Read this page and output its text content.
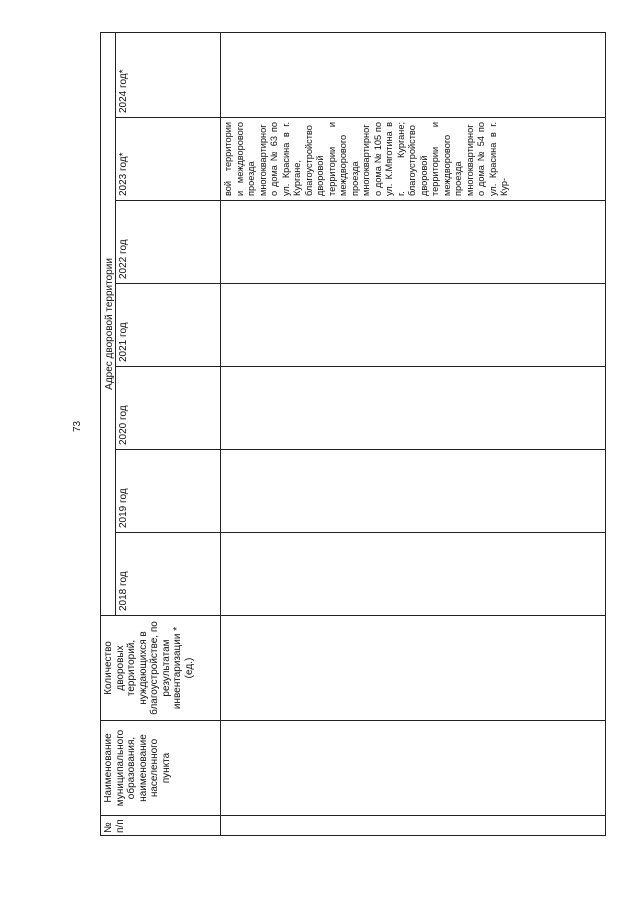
73
№ п/п	Наименование муниципального образования, наименование населенного пункта	Количество дворовых территорий, нуждающихся в благоустройстве, по результатам инвентаризации * (ед.)	Адрес дворовой территории						
			2018 год	2019 год	2020 год	2021 год	2022 год	2023 год*	2024 год*
								вой территории и междворового проезда многоквартирного дома № 63 по ул. Красина в г. Кургане, благоустройство дворовой территории и междворового проезда многоквартирного дома № 105 по ул. К.Мяготина в г. Кургане; благоустройство дворовой территории и междворового проезда многоквартирного дома № 54 по ул. Красина в г. Кур-	
